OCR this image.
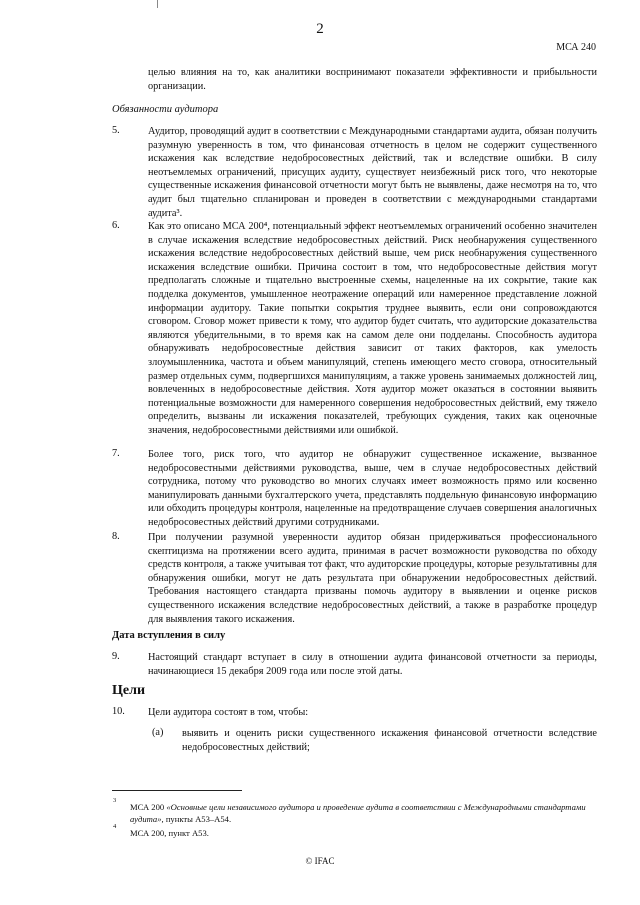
2
МСА 240
целью влияния на то, как аналитики воспринимают показатели эффективности и прибыльности организации.
Обязанности аудитора
5.	Аудитор, проводящий аудит в соответствии с Международными стандартами аудита, обязан получить разумную уверенность в том, что финансовая отчетность в целом не содержит существенного искажения как вследствие недобросовестных действий, так и вследствие ошибки. В силу неотъемлемых ограничений, присущих аудиту, существует неизбежный риск того, что некоторые существенные искажения финансовой отчетности могут быть не выявлены, даже несмотря на то, что аудит был тщательно спланирован и проведен в соответствии с международными стандартами аудита³.
6.	Как это описано МСА 200⁴, потенциальный эффект неотъемлемых ограничений особенно значителен в случае искажения вследствие недобросовестных действий. Риск необнаружения существенного искажения вследствие недобросовестных действий выше, чем риск необнаружения существенного искажения вследствие ошибки. Причина состоит в том, что недобросовестные действия могут предполагать сложные и тщательно выстроенные схемы, нацеленные на их сокрытие, такие как подделка документов, умышленное неотражение операций или намеренное представление ложной информации аудитору. Такие попытки сокрытия труднее выявить, если они сопровождаются сговором. Сговор может привести к тому, что аудитор будет считать, что аудиторские доказательства являются убедительными, в то время как на самом деле они подделаны. Способность аудитора обнаруживать недобросовестные действия зависит от таких факторов, как умелость злоумышленника, частота и объем манипуляций, степень имеющего место сговора, относительный размер отдельных сумм, подвергшихся манипуляциям, а также уровень занимаемых должностей лиц, вовлеченных в недобросовестные действия. Хотя аудитор может оказаться в состоянии выявить потенциальные возможности для намеренного совершения недобросовестных действий, ему тяжело определить, вызваны ли искажения показателей, требующих суждения, таких как оценочные значения, недобросовестными действиями или ошибкой.
7.	Более того, риск того, что аудитор не обнаружит существенное искажение, вызванное недобросовестными действиями руководства, выше, чем в случае недобросовестных действий сотрудника, потому что руководство во многих случаях имеет возможность прямо или косвенно манипулировать данными бухгалтерского учета, представлять поддельную финансовую информацию или обходить процедуры контроля, нацеленные на предотвращение случаев совершения аналогичных недобросовестных действий другими сотрудниками.
8.	При получении разумной уверенности аудитор обязан придерживаться профессионального скептицизма на протяжении всего аудита, принимая в расчет возможности руководства по обходу средств контроля, а также учитывая тот факт, что аудиторские процедуры, которые результативны для обнаружения ошибки, могут не дать результата при обнаружении недобросовестных действий. Требования настоящего стандарта призваны помочь аудитору в выявлении и оценке рисков существенного искажения вследствие недобросовестных действий, а также в разработке процедур для выявления такого искажения.
Дата вступления в силу
9.	Настоящий стандарт вступает в силу в отношении аудита финансовой отчетности за периоды, начинающиеся 15 декабря 2009 года или после этой даты.
Цели
10. Цели аудитора состоят в том, чтобы:
(a) выявить и оценить риски существенного искажения финансовой отчетности вследствие недобросовестных действий;
3
МСА 200 «Основные цели независимого аудитора и проведение аудита в соответствии с Международными стандартами аудита», пункты А53–А54.
4
МСА 200, пункт А53.
© IFAC
